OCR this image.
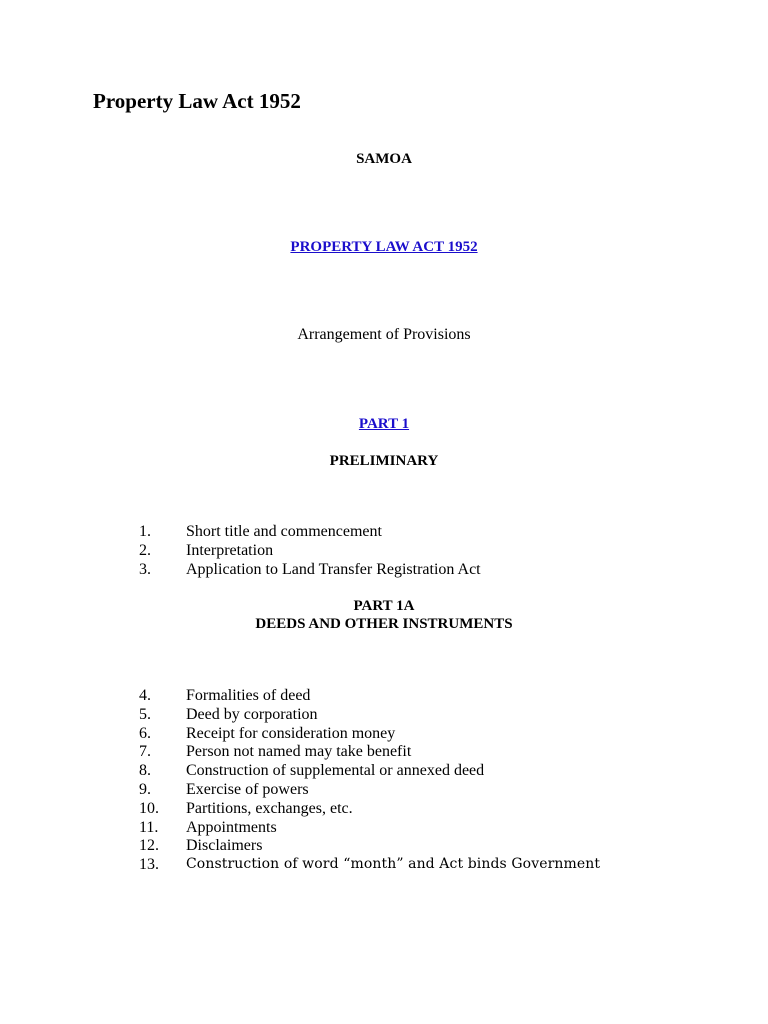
Property Law Act 1952
SAMOA
PROPERTY LAW ACT 1952
Arrangement of Provisions
PART 1
PRELIMINARY
1. Short title and commencement
2. Interpretation
3. Application to Land Transfer Registration Act
PART 1A
DEEDS AND OTHER INSTRUMENTS
4. Formalities of deed
5. Deed by corporation
6. Receipt for consideration money
7. Person not named may take benefit
8. Construction of supplemental or annexed deed
9. Exercise of powers
10. Partitions, exchanges, etc.
11. Appointments
12. Disclaimers
13. Construction of word “month” and Act binds Government
